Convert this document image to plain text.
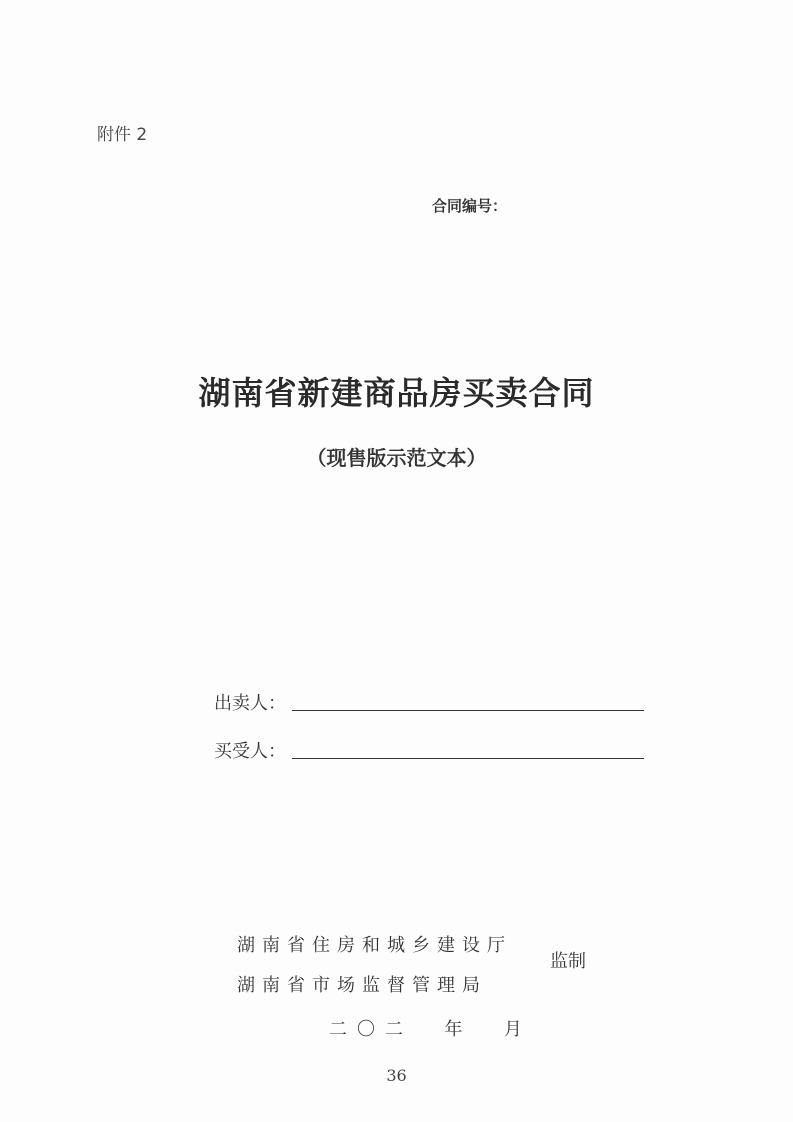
附件 2
合同编号：
湖南省新建商品房买卖合同
（现售版示范文本）
出卖人：
买受人：
湖南省住房和城乡建设厅
湖南省市场监督管理局
监制
二〇二  年  月
36
